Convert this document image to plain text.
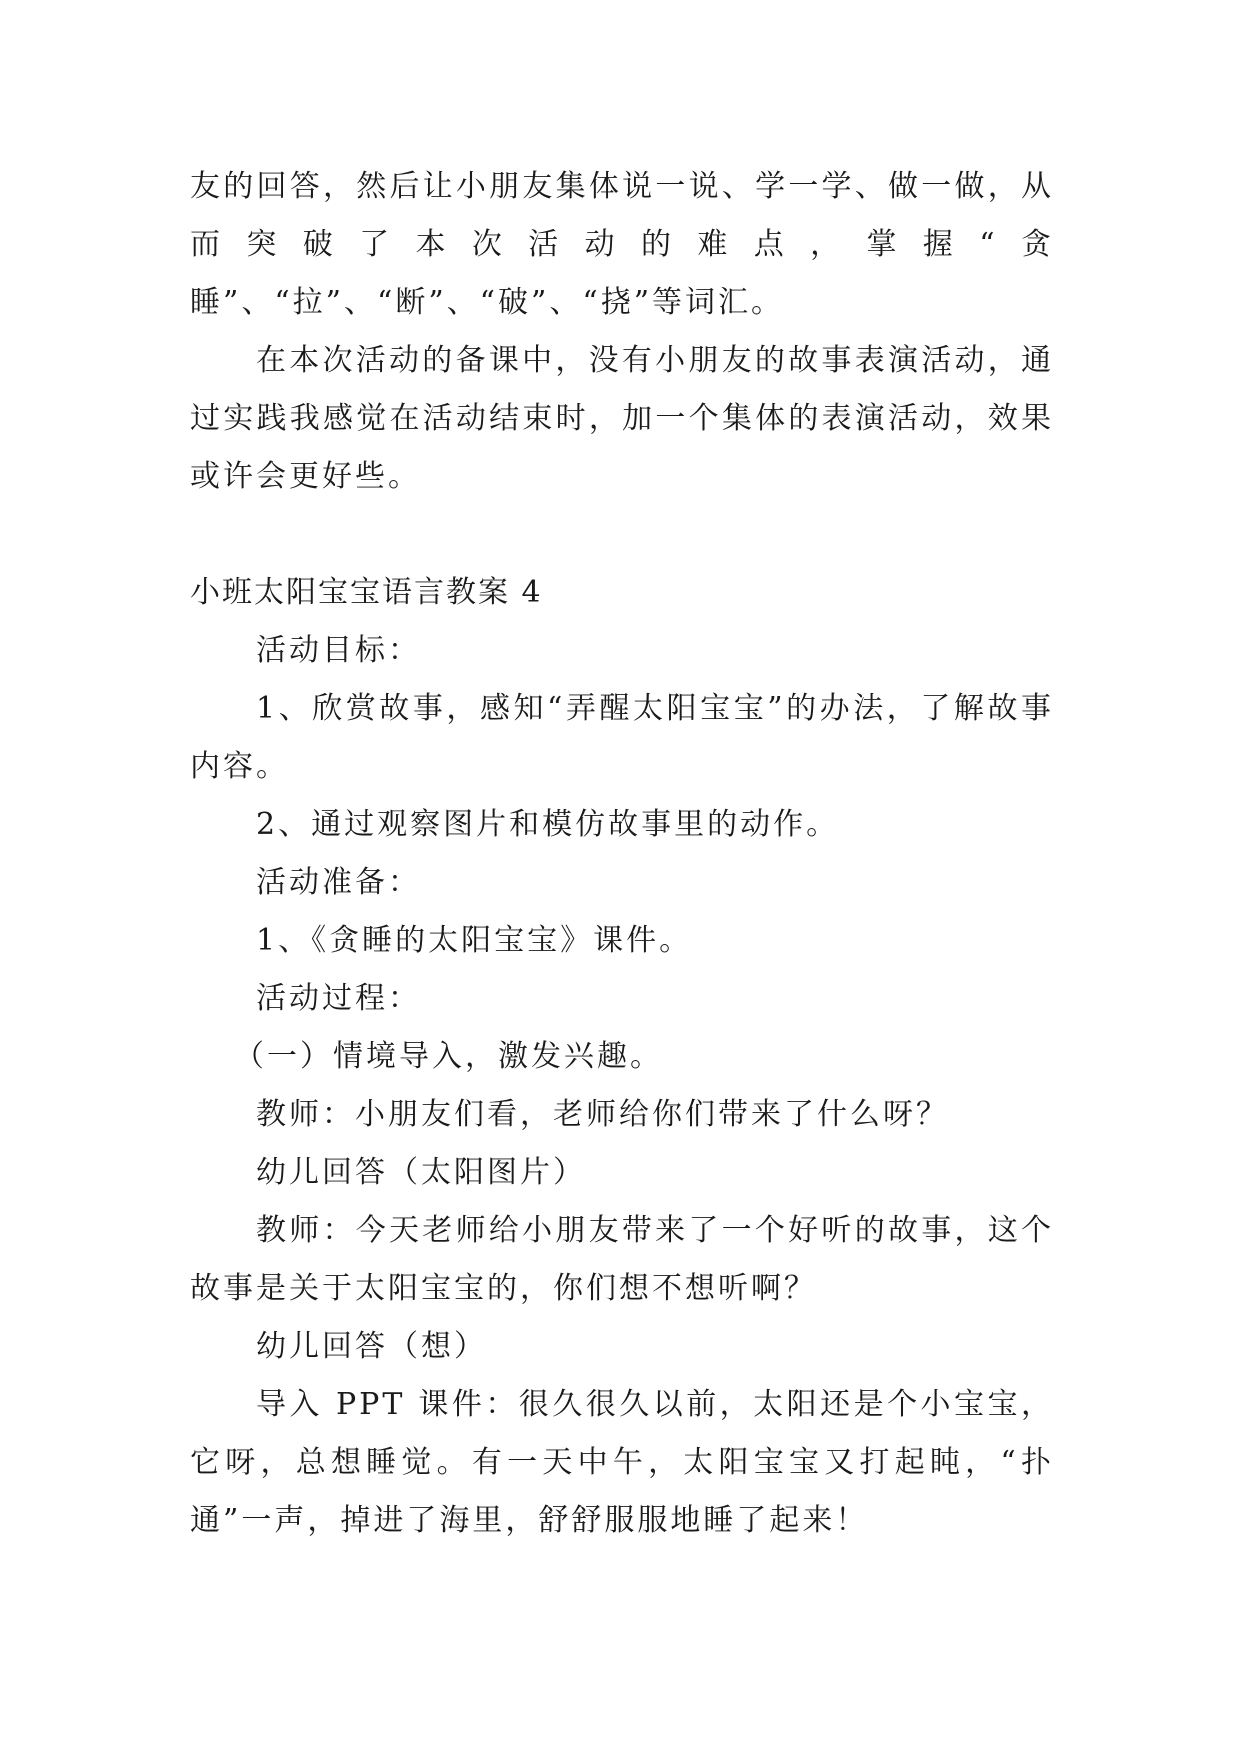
友的回答，然后让小朋友集体说一说、学一学、做一做，从而突破了本次活动的难点，掌握“贪睡”、“拉”、“断”、“破”、“挠”等词汇。

在本次活动的备课中，没有小朋友的故事表演活动，通过实践我感觉在活动结束时，加一个集体的表演活动，效果或许会更好些。

小班太阳宝宝语言教案 4

活动目标：

1、欣赏故事，感知“弄醒太阳宝宝”的办法，了解故事内容。

2、通过观察图片和模仿故事里的动作。

活动准备：

1、《贪睡的太阳宝宝》课件。

活动过程：

（一）情境导入，激发兴趣。

教师：小朋友们看，老师给你们带来了什么呀？

幼儿回答（太阳图片）

教师：今天老师给小朋友带来了一个好听的故事，这个故事是关于太阳宝宝的，你们想不想听啊？

幼儿回答（想）

导入 PPT 课件：很久很久以前，太阳还是个小宝宝，它呀，总想睡觉。有一天中午，太阳宝宝又打起盹，“扑通”一声，掉进了海里，舒舒服服地睡了起来！
